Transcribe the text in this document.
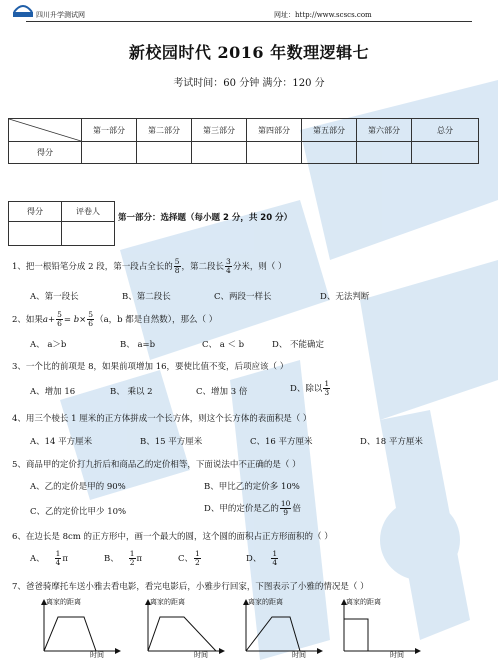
四川升学测试网	网址：http://www.scscs.com
新校园时代 2016 年数理逻辑七
考试时间：60 分钟 满分：120 分
	第一部分	第二部分	第三部分	第四部分	第五部分	第六部分	总分
得分							
得分	评卷人

第一部分：选择题（每小题 2 分，共 20 分）
1、把一根铅笔分成 2 段，第一段占全长的 $\frac{5}{8}$ ，第二段长 $\frac{3}{4}$ 分米，则（ ）
A、第一段长	B、第二段长	C、两段一样长	D、无法判断
2、如果$a+ \frac{5}{6} = b\times \frac{5}{6} (a$，b 都是自然数），那么（ ）
A、 a＞b	B、 a=b	C、 a ＜ b	D、 不能确定
3、一个比的前项是 8，如果前项增加 16，要使比值不变，后项应该（ ）
A、增加 16	B、 乘以 2	C、增加 3 倍	D、除以 $\frac{1}{3}$
4、用三个棱长 1 厘米的正方体拼成一个长方体，则这个长方体的表面积是（ ）
A、14 平方厘米	B、15 平方厘米	C、16 平方厘米	D、18 平方厘米
5、商品甲的定价打九折后和商品乙的定价相等，下面说法中不正确的是（ ）
A、乙的定价是甲的 90%	B、甲比乙的定价多 10%
C、乙的定价比甲少 10%	D、甲的定价是乙的 $\frac{10}{9}$ 倍
6、在边长是 8cm 的正方形中，画一个最大的圆，这个圆的面积占正方形面积的（ ）
A、 $\frac{1}{4}$ π	B、 $\frac{1}{2}$ π	C、 $\frac{1}{2}$	D、 $\frac{1}{4}$
7、爸爸骑摩托车送小雅去看电影，看完电影后，小雅步行回家，下图表示了小雅的情况是（ ）
离家的距离
时间
离家的距离
时间
离家的距离
时间
离家的距离
时间
